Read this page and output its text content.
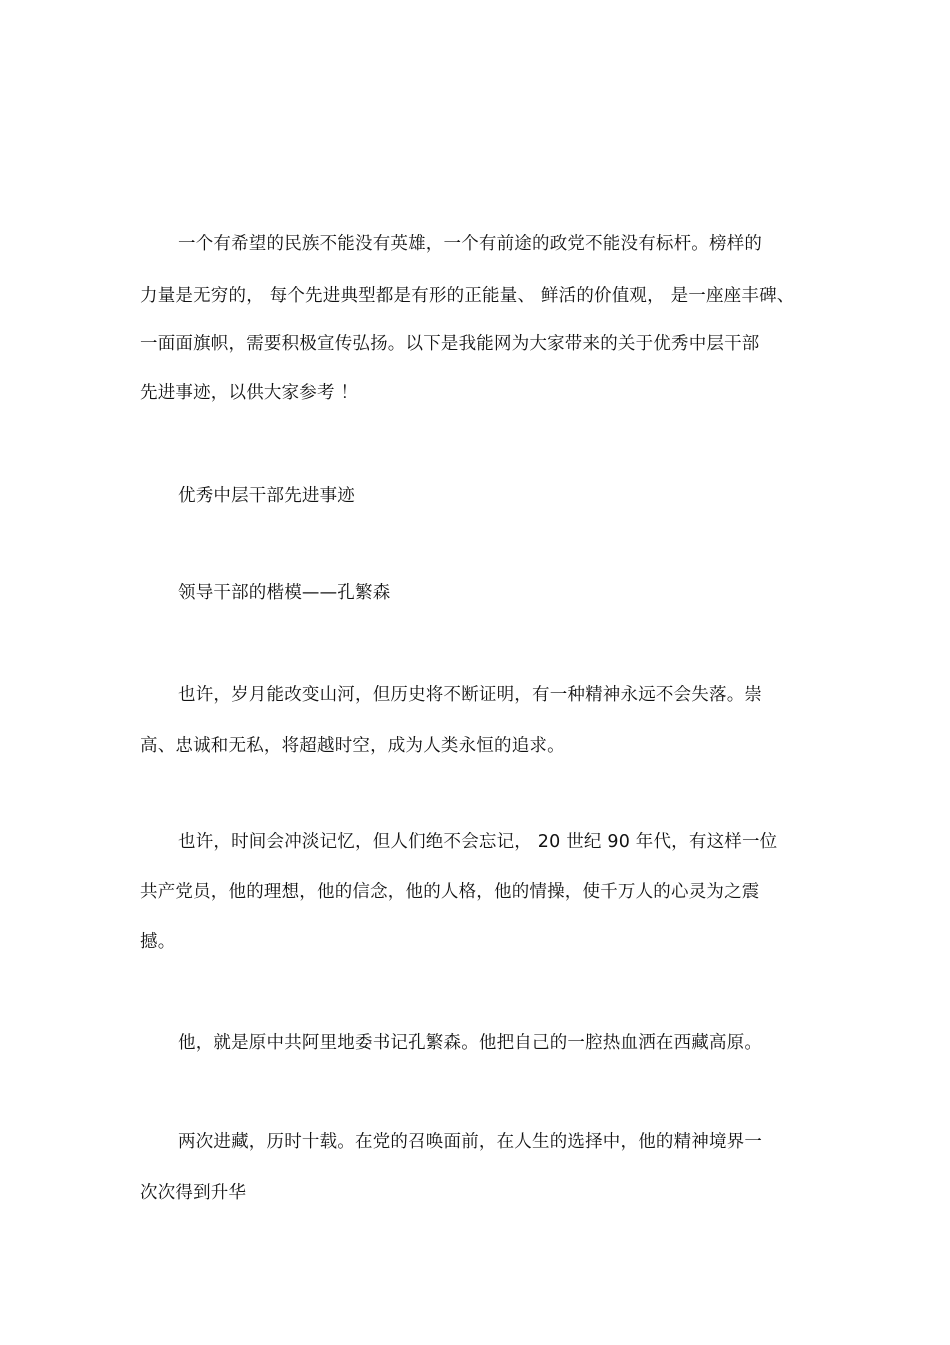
一个有希望的民族不能没有英雄，一个有前途的政党不能没有标杆。榜样的
力量是无穷的， 每个先进典型都是有形的正能量、 鲜活的价值观， 是一座座丰碑、
一面面旗帜，需要积极宣传弘扬。以下是我能网为大家带来的关于优秀中层干部
先进事迹，以供大家参考 ！
优秀中层干部先进事迹
领导干部的楷模——孔繁森
也许，岁月能改变山河，但历史将不断证明，有一种精神永远不会失落。崇
高、忠诚和无私，将超越时空，成为人类永恒的追求。
也许，时间会冲淡记忆，但人们绝不会忘记， 20 世纪 90 年代，有这样一位
共产党员，他的理想，他的信念，他的人格，他的情操，使千万人的心灵为之震
撼。
他，就是原中共阿里地委书记孔繁森。他把自己的一腔热血洒在西藏高原。
两次进藏，历时十载。在党的召唤面前，在人生的选择中，他的精神境界一
次次得到升华
